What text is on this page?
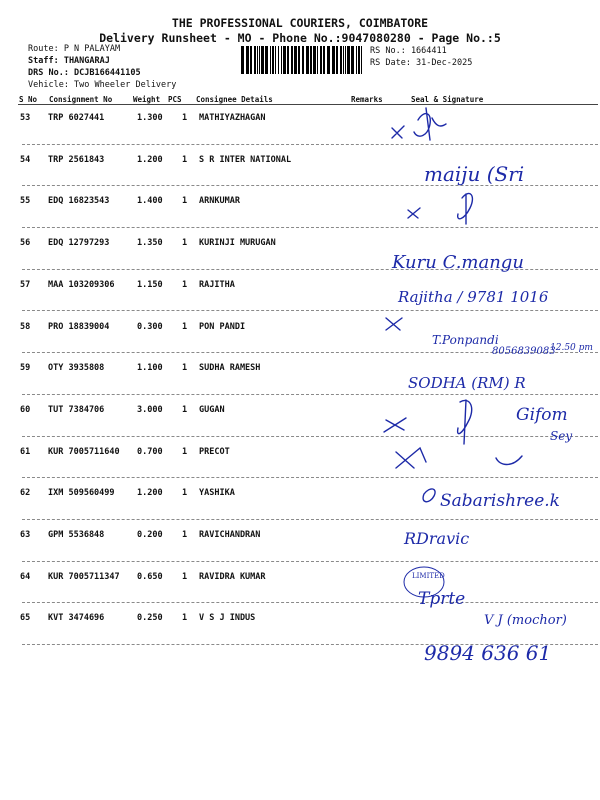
THE PROFESSIONAL COURIERS, COIMBATORE
Delivery Runsheet - MO - Phone No.:9047080280 - Page No.:5
Route: P N PALAYAM
Staff: THANGARAJ
DRS No.: DCJB166441105
Vehicle: Two Wheeler Delivery
RS No.: 1664411
RS Date: 31-Dec-2025
S No Consignment No	Weight PCS Consignee Details	Remarks	Seal & Signature
53 TRP 6027441	1.300 1 MATHIYAZHAGAN
54 TRP 2561843	1.200 1 S R INTER NATIONAL
55 EDQ 16823543	1.400 1 ARNKUMAR
56 EDQ 12797293	1.350 1 KURINJI MURUGAN
57 MAA 103209306	1.150 1 RAJITHA
58 PRO 18839004	0.300 1 PON PANDI
59 OTY 3935808	1.100 1 SUDHA RAMESH
60 TUT 7384706	3.000 1 GUGAN
61 KUR 7005711640 0.700 1 PRECOT
62 IXM 509560499	1.200 1 YASHIKA
63 GPM 5536848	0.200 1 RAVICHANDRAN
64 KUR 7005711347 0.650 1 RAVIDRA KUMAR
65 KVT 3474696	0.250 1 V S J INDUS
maiju (Sri
Kuru C.mangu
Rajitha / 9781 1016
T.Ponpandi
8056839083
12.50 pm
SODHA (RM) R
Gifom
Sey
Sabarishree.k
RDravic
LIMITED
Tprte
V J (mochor)
9894 636 61
